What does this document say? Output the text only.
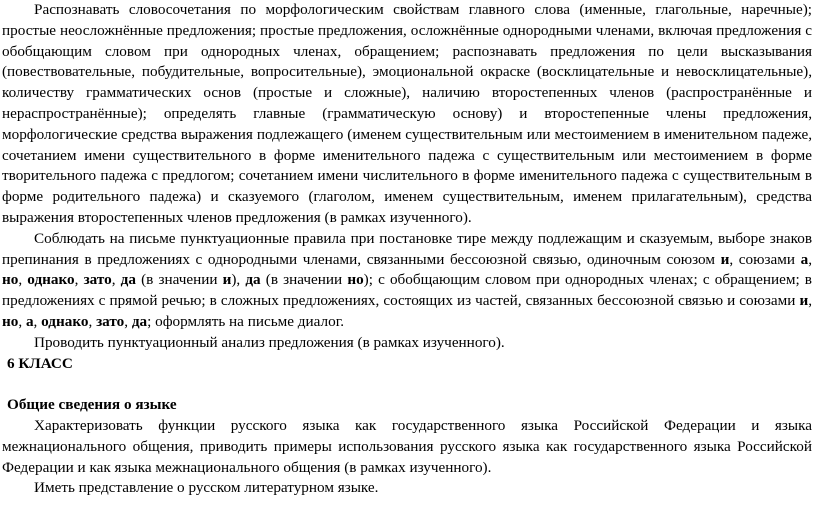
Распознавать словосочетания по морфологическим свойствам главного слова (именные, глагольные, наречные); простые неосложнённые предложения; простые предложения, осложнённые однородными членами, включая предложения с обобщающим словом при однородных членах, обращением; распознавать предложения по цели высказывания (повествовательные, побудительные, вопросительные), эмоциональной окраске (восклицательные и невосклицательные), количеству грамматических основ (простые и сложные), наличию второстепенных членов (распространённые и нераспространённые); определять главные (грамматическую основу) и второстепенные члены предложения, морфологические средства выражения подлежащего (именем существительным или местоимением в именительном падеже, сочетанием имени существительного в форме именительного падежа с существительным или местоимением в форме творительного падежа с предлогом; сочетанием имени числительного в форме именительного падежа с существительным в форме родительного падежа) и сказуемого (глаголом, именем существительным, именем прилагательным), средства выражения второстепенных членов предложения (в рамках изученного).

Соблюдать на письме пунктуационные правила при постановке тире между подлежащим и сказуемым, выборе знаков препинания в предложениях с однородными членами, связанными бессоюзной связью, одиночным союзом и, союзами а, но, однако, зато, да (в значении и), да (в значении но); с обобщающим словом при однородных членах; с обращением; в предложениях с прямой речью; в сложных предложениях, состоящих из частей, связанных бессоюзной связью и союзами и, но, а, однако, зато, да; оформлять на письме диалог.

Проводить пунктуационный анализ предложения (в рамках изученного).

6 КЛАСС
Общие сведения о языке

Характеризовать функции русского языка как государственного языка Российской Федерации и языка межнационального общения, приводить примеры использования русского языка как государственного языка Российской Федерации и как языка межнационального общения (в рамках изученного).

Иметь представление о русском литературном языке.
